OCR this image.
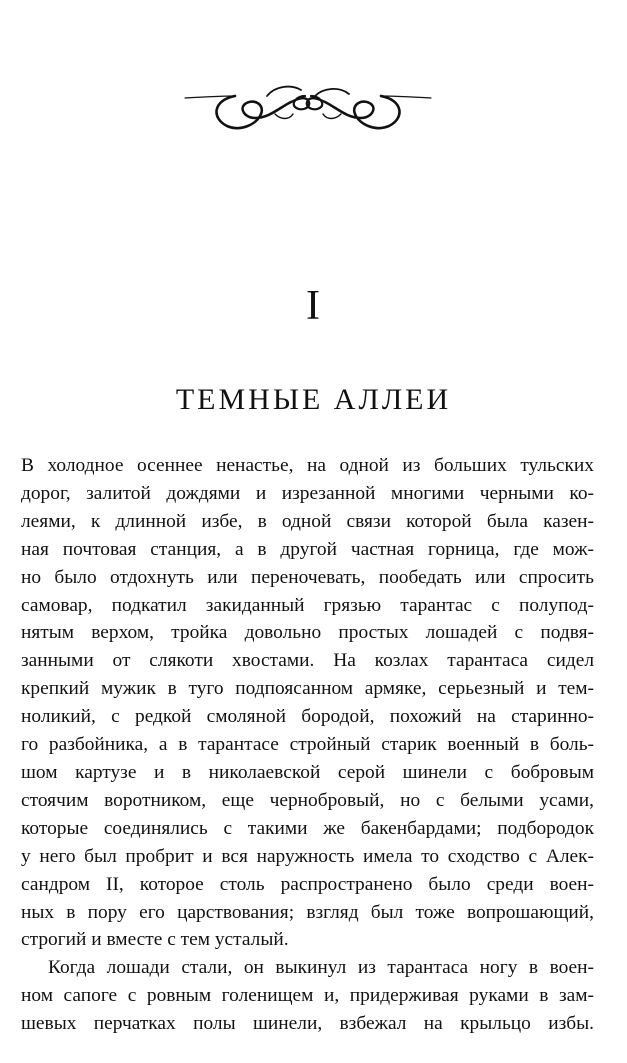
I
ТЕМНЫЕ АЛЛЕИ
В холодное осеннее ненастье, на одной из больших тульских
дорог, залитой дождями и изрезанной многими черными ко-
леями, к длинной избе, в одной связи которой была казен-
ная почтовая станция, а в другой частная горница, где мож-
но было отдохнуть или переночевать, пообедать или спросить
самовар, подкатил закиданный грязью тарантас с полупод-
нятым верхом, тройка довольно простых лошадей с подвя-
занными от слякоти хвостами. На козлах тарантаса сидел
крепкий мужик в туго подпоясанном армяке, серьезный и тем-
ноликий, с редкой смоляной бородой, похожий на старинно-
го разбойника, а в тарантасе стройный старик военный в боль-
шом картузе и в николаевской серой шинели с бобровым
стоячим воротником, еще чернобровый, но с белыми усами,
которые соединялись с такими же бакенбардами; подбородок
у него был пробрит и вся наружность имела то сходство с Алек-
сандром II, которое столь распространено было среди воен-
ных в пору его царствования; взгляд был тоже вопрошающий,
строгий и вместе с тем усталый.
Когда лошади стали, он выкинул из тарантаса ногу в воен-
ном сапоге с ровным голенищем и, придерживая руками в зам-
шевых перчатках полы шинели, взбежал на крыльцо избы.
